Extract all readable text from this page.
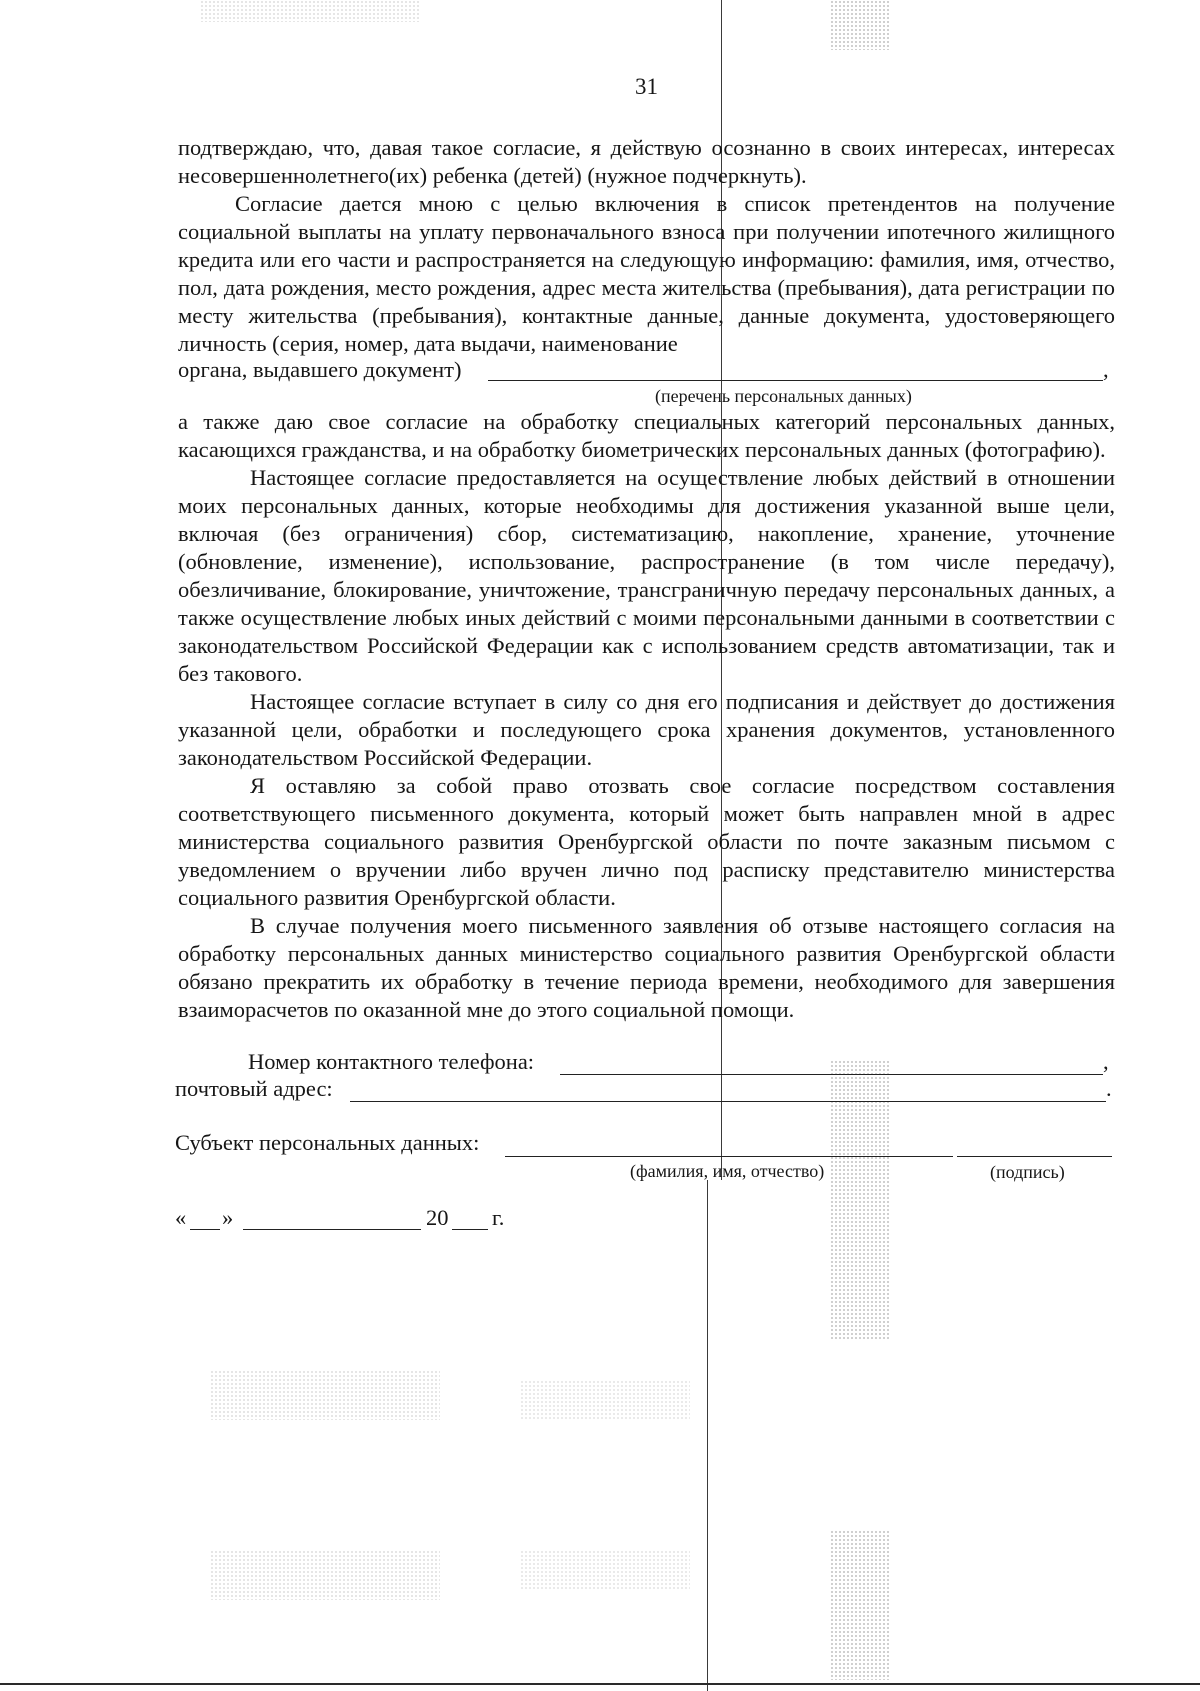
31

подтверждаю, что, давая такое согласие, я действую осознанно в своих интересах, интересах несовершеннолетнего(их) ребенка (детей) (нужное подчеркнуть).

Согласие дается мною с целью включения в список претендентов на получение социальной выплаты на уплату первоначального взноса при получении ипотечного жилищного кредита или его части и распространяется на следующую информацию: фамилия, имя, отчество, пол, дата рождения, место рождения, адрес места жительства (пребывания), дата регистрации по месту жительства (пребывания), контактные данные, данные документа, удостоверяющего личность (серия, номер, дата выдачи, наименование

органа, выдавшего документ)	,
(перечень персональных данных)

а также даю свое согласие на обработку специальных категорий персональных данных, касающихся гражданства, и на обработку биометрических персональных данных (фотографию).

Настоящее согласие предоставляется на осуществление любых действий в отношении моих персональных данных, которые необходимы для достижения указанной выше цели, включая (без ограничения) сбор, систематизацию, накопление, хранение, уточнение (обновление, изменение), использование, распространение (в том числе передачу), обезличивание, блокирование, уничтожение, трансграничную передачу персональных данных, а также осуществление любых иных действий с моими персональными данными в соответствии с законодательством Российской Федерации как с использованием средств автоматизации, так и без такового.

Настоящее согласие вступает в силу со дня его подписания и действует до достижения указанной цели, обработки и последующего срока хранения документов, установленного законодательством Российской Федерации.

Я оставляю за собой право отозвать свое согласие посредством составления соответствующего письменного документа, который может быть направлен мной в адрес министерства социального развития Оренбургской области по почте заказным письмом с уведомлением о вручении либо вручен лично под расписку представителю министерства социального развития Оренбургской области.

В случае получения моего письменного заявления об отзыве настоящего согласия на обработку персональных данных министерство социального развития Оренбургской области обязано прекратить их обработку в течение периода времени, необходимого для завершения взаиморасчетов по оказанной мне до этого социальной помощи.

Номер контактного телефона:	,
почтовый адрес:	.
Субъект персональных данных:
(фамилия, имя, отчество)	(подпись)
« »	20 г.
